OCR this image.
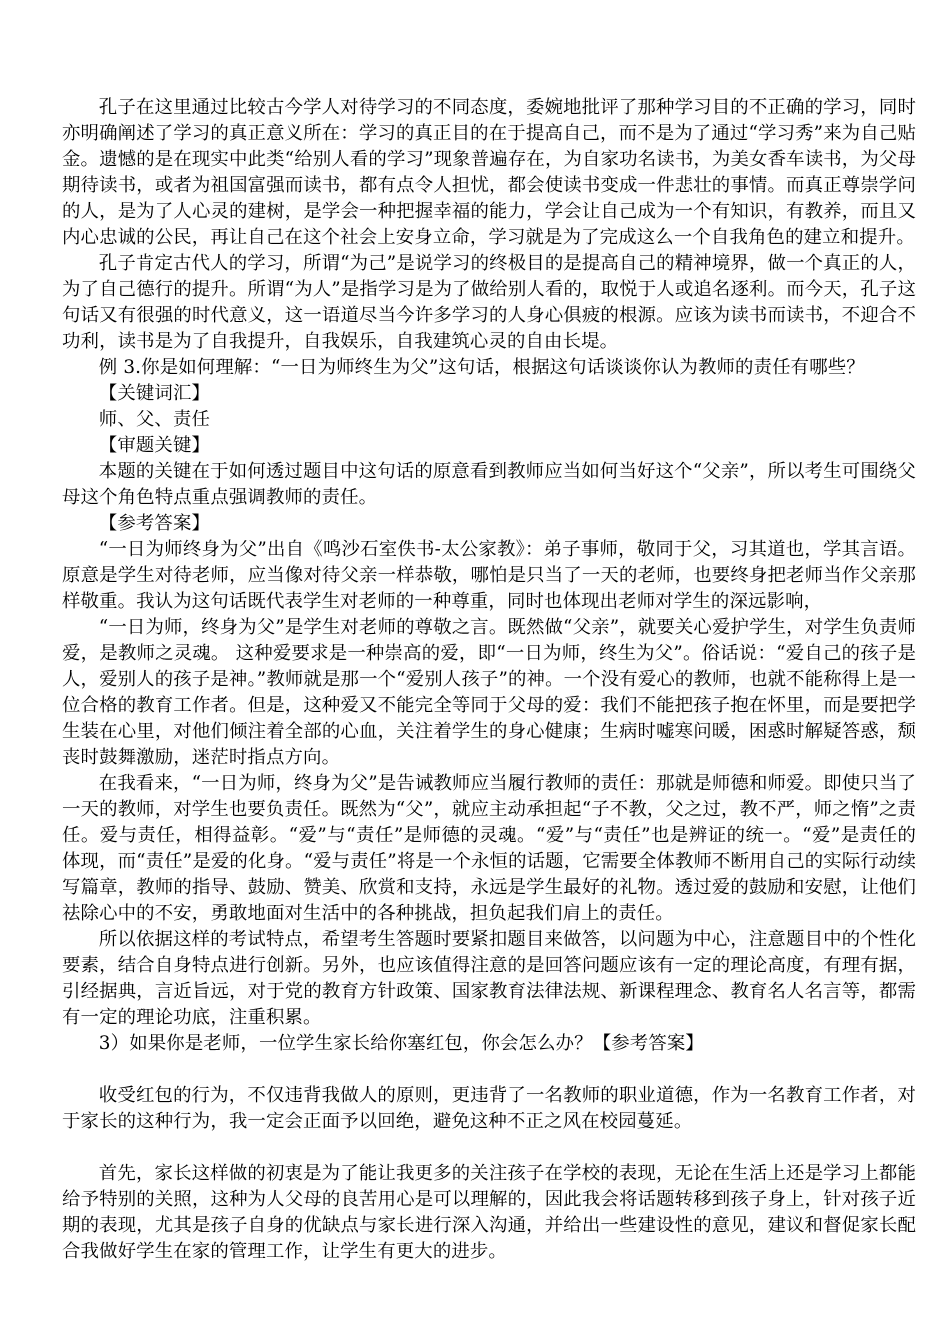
孔子在这里通过比较古今学人对待学习的不同态度，委婉地批评了那种学习目的不正确的学习，同时亦明确阐述了学习的真正意义所在：学习的真正目的在于提高自己，而不是为了通过“学习秀”来为自己贴金。遗憾的是在现实中此类“给别人看的学习”现象普遍存在，为自家功名读书，为美女香车读书，为父母期待读书，或者为祖国富强而读书，都有点令人担忧，都会使读书变成一件悲壮的事情。而真正尊崇学问的人，是为了人心灵的建树，是学会一种把握幸福的能力，学会让自己成为一个有知识，有教养，而且又内心忠诚的公民，再让自己在这个社会上安身立命，学习就是为了完成这么一个自我角色的建立和提升。

孔子肯定古代人的学习，所谓“为己”是说学习的终极目的是提高自己的精神境界，做一个真正的人，为了自己德行的提升。所谓“为人”是指学习是为了做给别人看的，取悦于人或追名逐利。而今天，孔子这句话又有很强的时代意义，这一语道尽当今许多学习的人身心俱疲的根源。应该为读书而读书，不迎合不功利，读书是为了自我提升，自我娱乐，自我建筑心灵的自由长堤。

例 3.你是如何理解：“一日为师终生为父”这句话，根据这句话谈谈你认为教师的责任有哪些？

【关键词汇】

师、父、责任

【审题关键】

本题的关键在于如何透过题目中这句话的原意看到教师应当如何当好这个“父亲”，所以考生可围绕父母这个角色特点重点强调教师的责任。

【参考答案】

“一日为师终身为父”出自《鸣沙石室佚书-太公家教》：弟子事师，敬同于父，习其道也，学其言语。原意是学生对待老师，应当像对待父亲一样恭敬，哪怕是只当了一天的老师，也要终身把老师当作父亲那样敬重。我认为这句话既代表学生对老师的一种尊重，同时也体现出老师对学生的深远影响，

“一日为师，终身为父”是学生对老师的尊敬之言。既然做“父亲”，就要关心爱护学生，对学生负责师爱，是教师之灵魂。 这种爱要求是一种崇高的爱，即“一日为师，终生为父”。俗话说：“爱自己的孩子是人，爱别人的孩子是神。”教师就是那一个“爱别人孩子”的神。一个没有爱心的教师，也就不能称得上是一位合格的教育工作者。但是，这种爱又不能完全等同于父母的爱：我们不能把孩子抱在怀里，而是要把学生装在心里，对他们倾注着全部的心血，关注着学生的身心健康；生病时嘘寒问暖，困惑时解疑答惑，颓丧时鼓舞激励，迷茫时指点方向。

在我看来，“一日为师，终身为父”是告诫教师应当履行教师的责任：那就是师德和师爱。即使只当了一天的教师，对学生也要负责任。既然为“父”，就应主动承担起“子不教，父之过，教不严，师之惰”之责任。爱与责任，相得益彰。“爱”与“责任”是师德的灵魂。“爱”与“责任”也是辨证的统一。“爱”是责任的体现，而“责任”是爱的化身。“爱与责任”将是一个永恒的话题，它需要全体教师不断用自己的实际行动续写篇章，教师的指导、鼓励、赞美、欣赏和支持，永远是学生最好的礼物。透过爱的鼓励和安慰，让他们祛除心中的不安，勇敢地面对生活中的各种挑战，担负起我们肩上的责任。

所以依据这样的考试特点，希望考生答题时要紧扣题目来做答，以问题为中心，注意题目中的个性化要素，结合自身特点进行创新。另外，也应该值得注意的是回答问题应该有一定的理论高度，有理有据，引经据典，言近旨远，对于党的教育方针政策、国家教育法律法规、新课程理念、教育名人名言等，都需有一定的理论功底，注重积累。

3）如果你是老师，一位学生家长给你塞红包，你会怎么办？【参考答案】

收受红包的行为，不仅违背我做人的原则，更违背了一名教师的职业道德，作为一名教育工作者，对于家长的这种行为，我一定会正面予以回绝，避免这种不正之风在校园蔓延。

首先，家长这样做的初衷是为了能让我更多的关注孩子在学校的表现，无论在生活上还是学习上都能给予特别的关照，这种为人父母的良苦用心是可以理解的，因此我会将话题转移到孩子身上，针对孩子近期的表现，尤其是孩子自身的优缺点与家长进行深入沟通，并给出一些建设性的意见，建议和督促家长配合我做好学生在家的管理工作，让学生有更大的进步。
